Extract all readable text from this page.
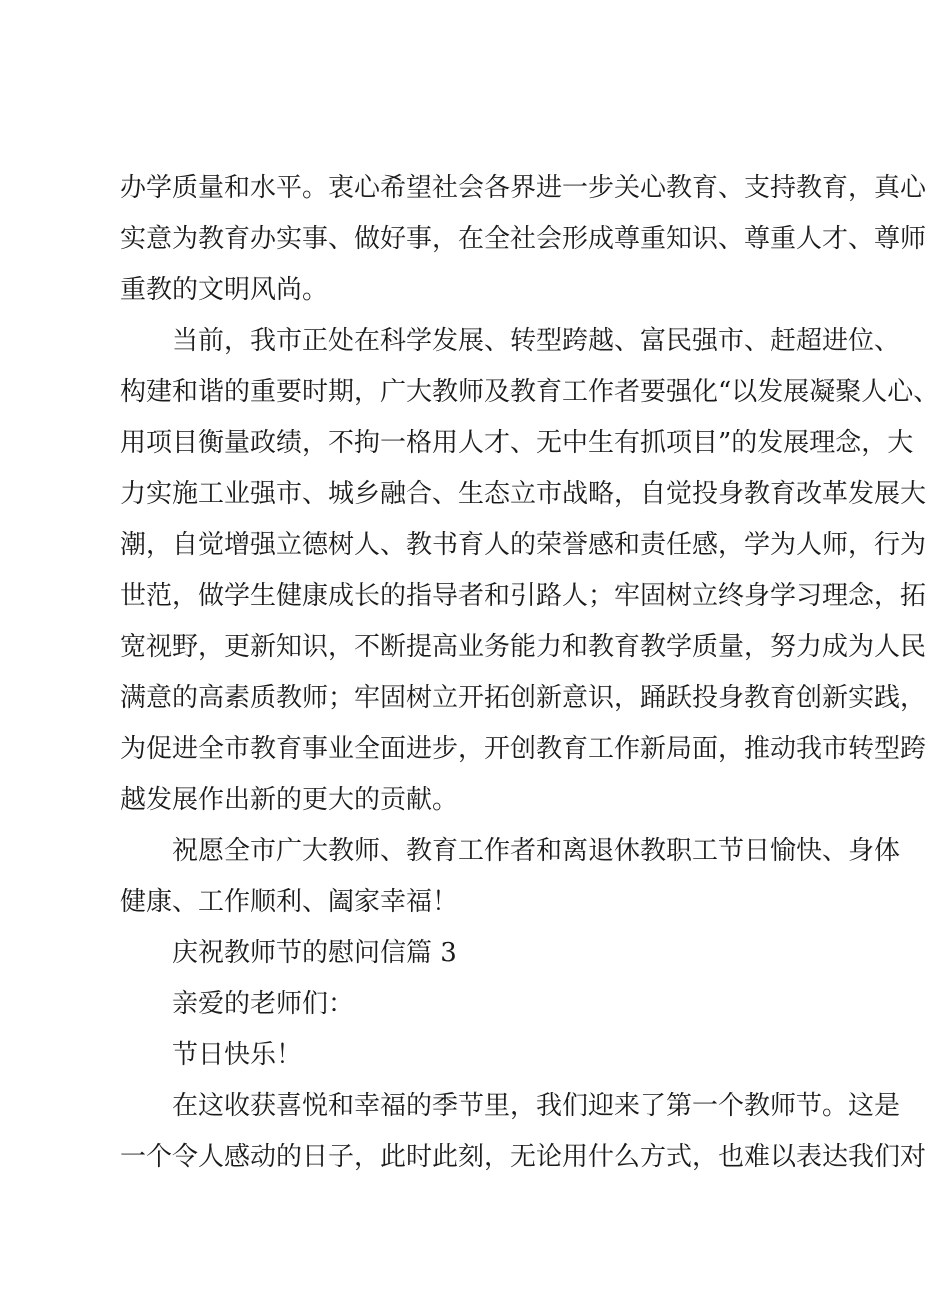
办学质量和水平。衷心希望社会各界进一步关心教育、支持教育，真心
实意为教育办实事、做好事，在全社会形成尊重知识、尊重人才、尊师
重教的文明风尚。
当前，我市正处在科学发展、转型跨越、富民强市、赶超进位、
构建和谐的重要时期，广大教师及教育工作者要强化“以发展凝聚人心、
用项目衡量政绩，不拘一格用人才、无中生有抓项目”的发展理念，大
力实施工业强市、城乡融合、生态立市战略，自觉投身教育改革发展大
潮，自觉增强立德树人、教书育人的荣誉感和责任感，学为人师，行为
世范，做学生健康成长的指导者和引路人；牢固树立终身学习理念，拓
宽视野，更新知识，不断提高业务能力和教育教学质量，努力成为人民
满意的高素质教师；牢固树立开拓创新意识，踊跃投身教育创新实践，
为促进全市教育事业全面进步，开创教育工作新局面，推动我市转型跨
越发展作出新的更大的贡献。
祝愿全市广大教师、教育工作者和离退休教职工节日愉快、身体
健康、工作顺利、阖家幸福！
庆祝教师节的慰问信篇 3
亲爱的老师们：
节日快乐！
在这收获喜悦和幸福的季节里，我们迎来了第一个教师节。这是
一个令人感动的日子，此时此刻，无论用什么方式，也难以表达我们对
